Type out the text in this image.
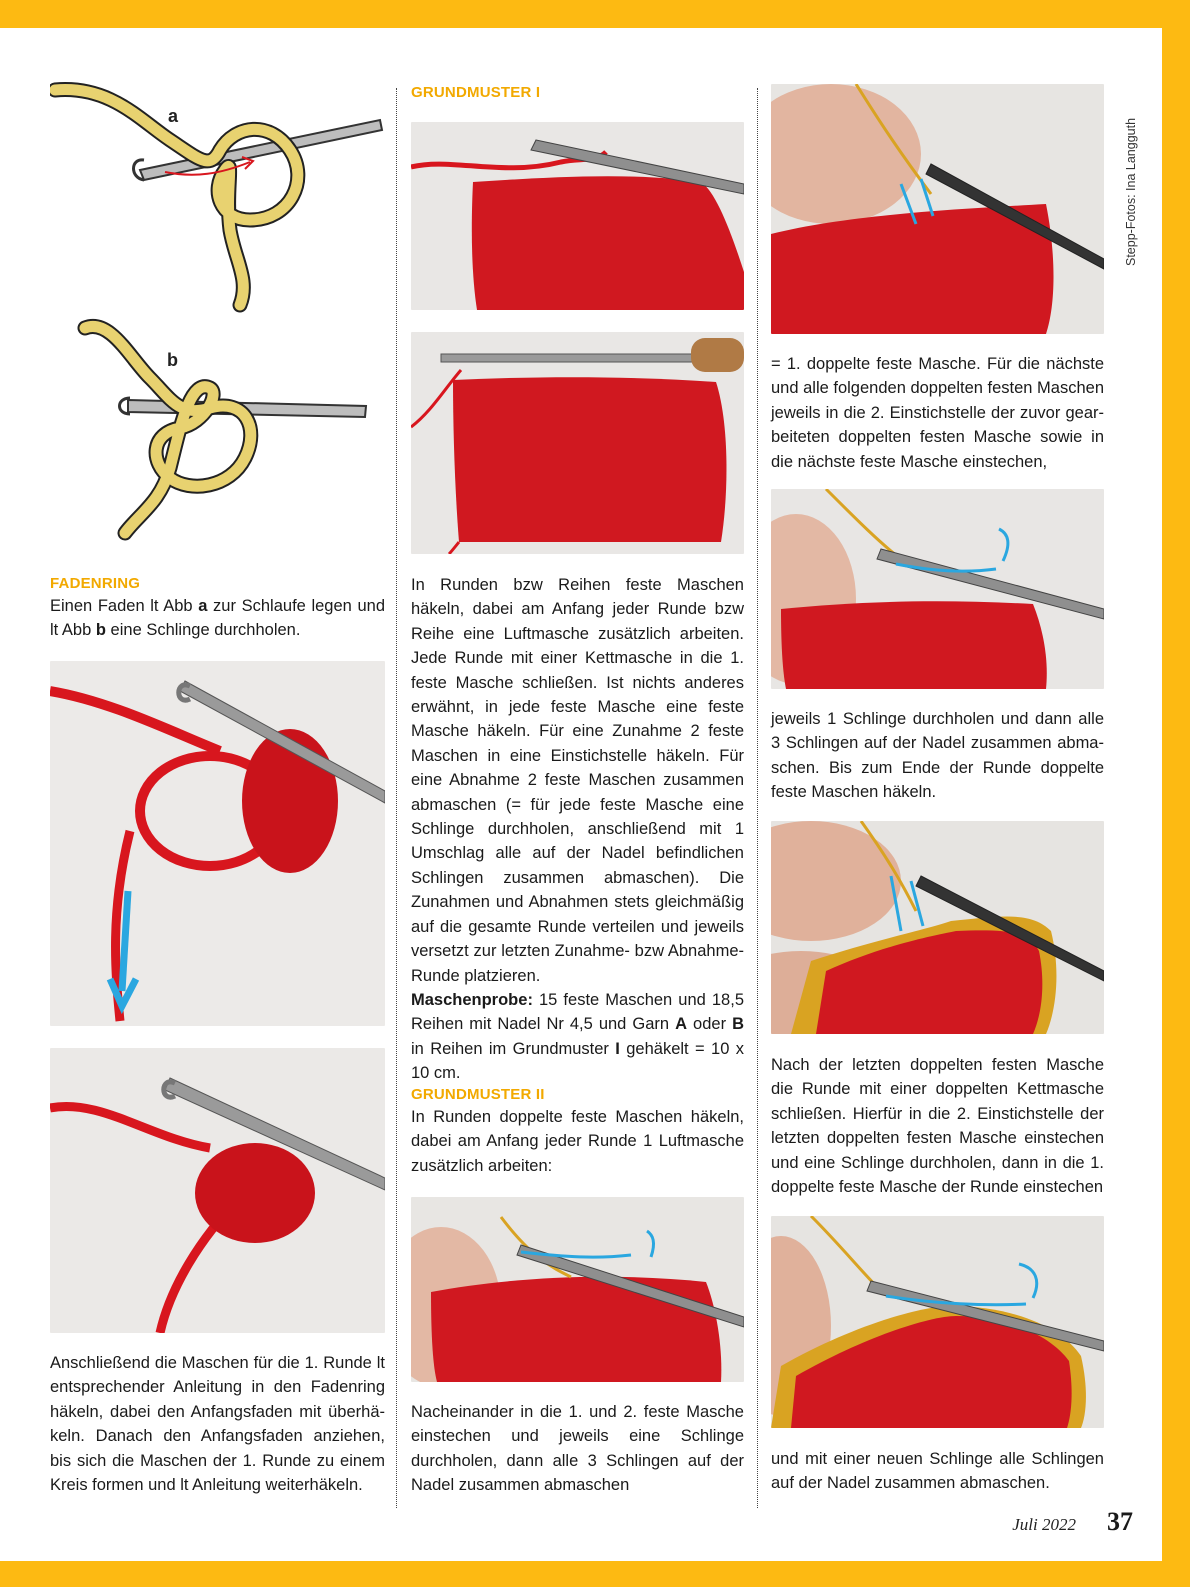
Stepp-Fotos: Ina Langguth
a
b
FADENRING

Einen Faden lt Abb a zur Schlaufe legen und lt Abb b eine Schlinge durchholen.

Anschließend die Maschen für die 1. Runde lt entsprechender Anleitung in den Fadenring häkeln, dabei den Anfangsfaden mit überhäkeln. Danach den Anfangsfaden anziehen, bis sich die Maschen der 1. Runde zu einem Kreis formen und lt Anleitung weiterhäkeln.

GRUNDMUSTER I

In Runden bzw Reihen feste Maschen häkeln, dabei am Anfang jeder Runde bzw Reihe eine Luftmasche zusätzlich arbeiten. Jede Runde mit einer Kettmasche in die 1. feste Masche schließen. Ist nichts anderes erwähnt, in jede feste Masche eine feste Masche häkeln. Für eine Zunahme 2 feste Maschen in eine Einstichstelle häkeln. Für eine Abnahme 2 feste Maschen zusammen abmaschen (= für jede feste Masche eine Schlinge durchholen, anschließend mit 1 Umschlag alle auf der Nadel befindlichen Schlingen zusammen abmaschen). Die Zunahmen und Abnahmen stets gleichmäßig auf die gesamte Runde verteilen und jeweils versetzt zur letzten Zunahme- bzw Abnahme-Runde platzieren.

Maschenprobe: 15 feste Maschen und 18,5 Reihen mit Nadel Nr 4,5 und Garn A oder B in Reihen im Grundmuster I gehäkelt = 10 x 10 cm.

GRUNDMUSTER II

In Runden doppelte feste Maschen häkeln, dabei am Anfang jeder Runde 1 Luftmasche zusätzlich arbeiten:

Nacheinander in die 1. und 2. feste Masche einstechen und jeweils eine Schlinge durchholen, dann alle 3 Schlingen auf der Nadel zusammen abmaschen

= 1. doppelte feste Masche. Für die nächste und alle folgenden doppelten festen Maschen jeweils in die 2. Einstichstelle der zuvor gearbeiteten doppelten festen Masche sowie in die nächste feste Masche einstechen,

jeweils 1 Schlinge durchholen und dann alle 3 Schlingen auf der Nadel zusammen abmaschen. Bis zum Ende der Runde doppelte feste Maschen häkeln.

Nach der letzten doppelten festen Masche die Runde mit einer doppelten Kettmasche schließen. Hierfür in die 2. Einstichstelle der letzten doppelten festen Masche einstechen und eine Schlinge durchholen, dann in die 1. doppelte feste Masche der Runde einstechen

und mit einer neuen Schlinge alle Schlingen auf der Nadel zusammen abmaschen.

Juli 2022 37
